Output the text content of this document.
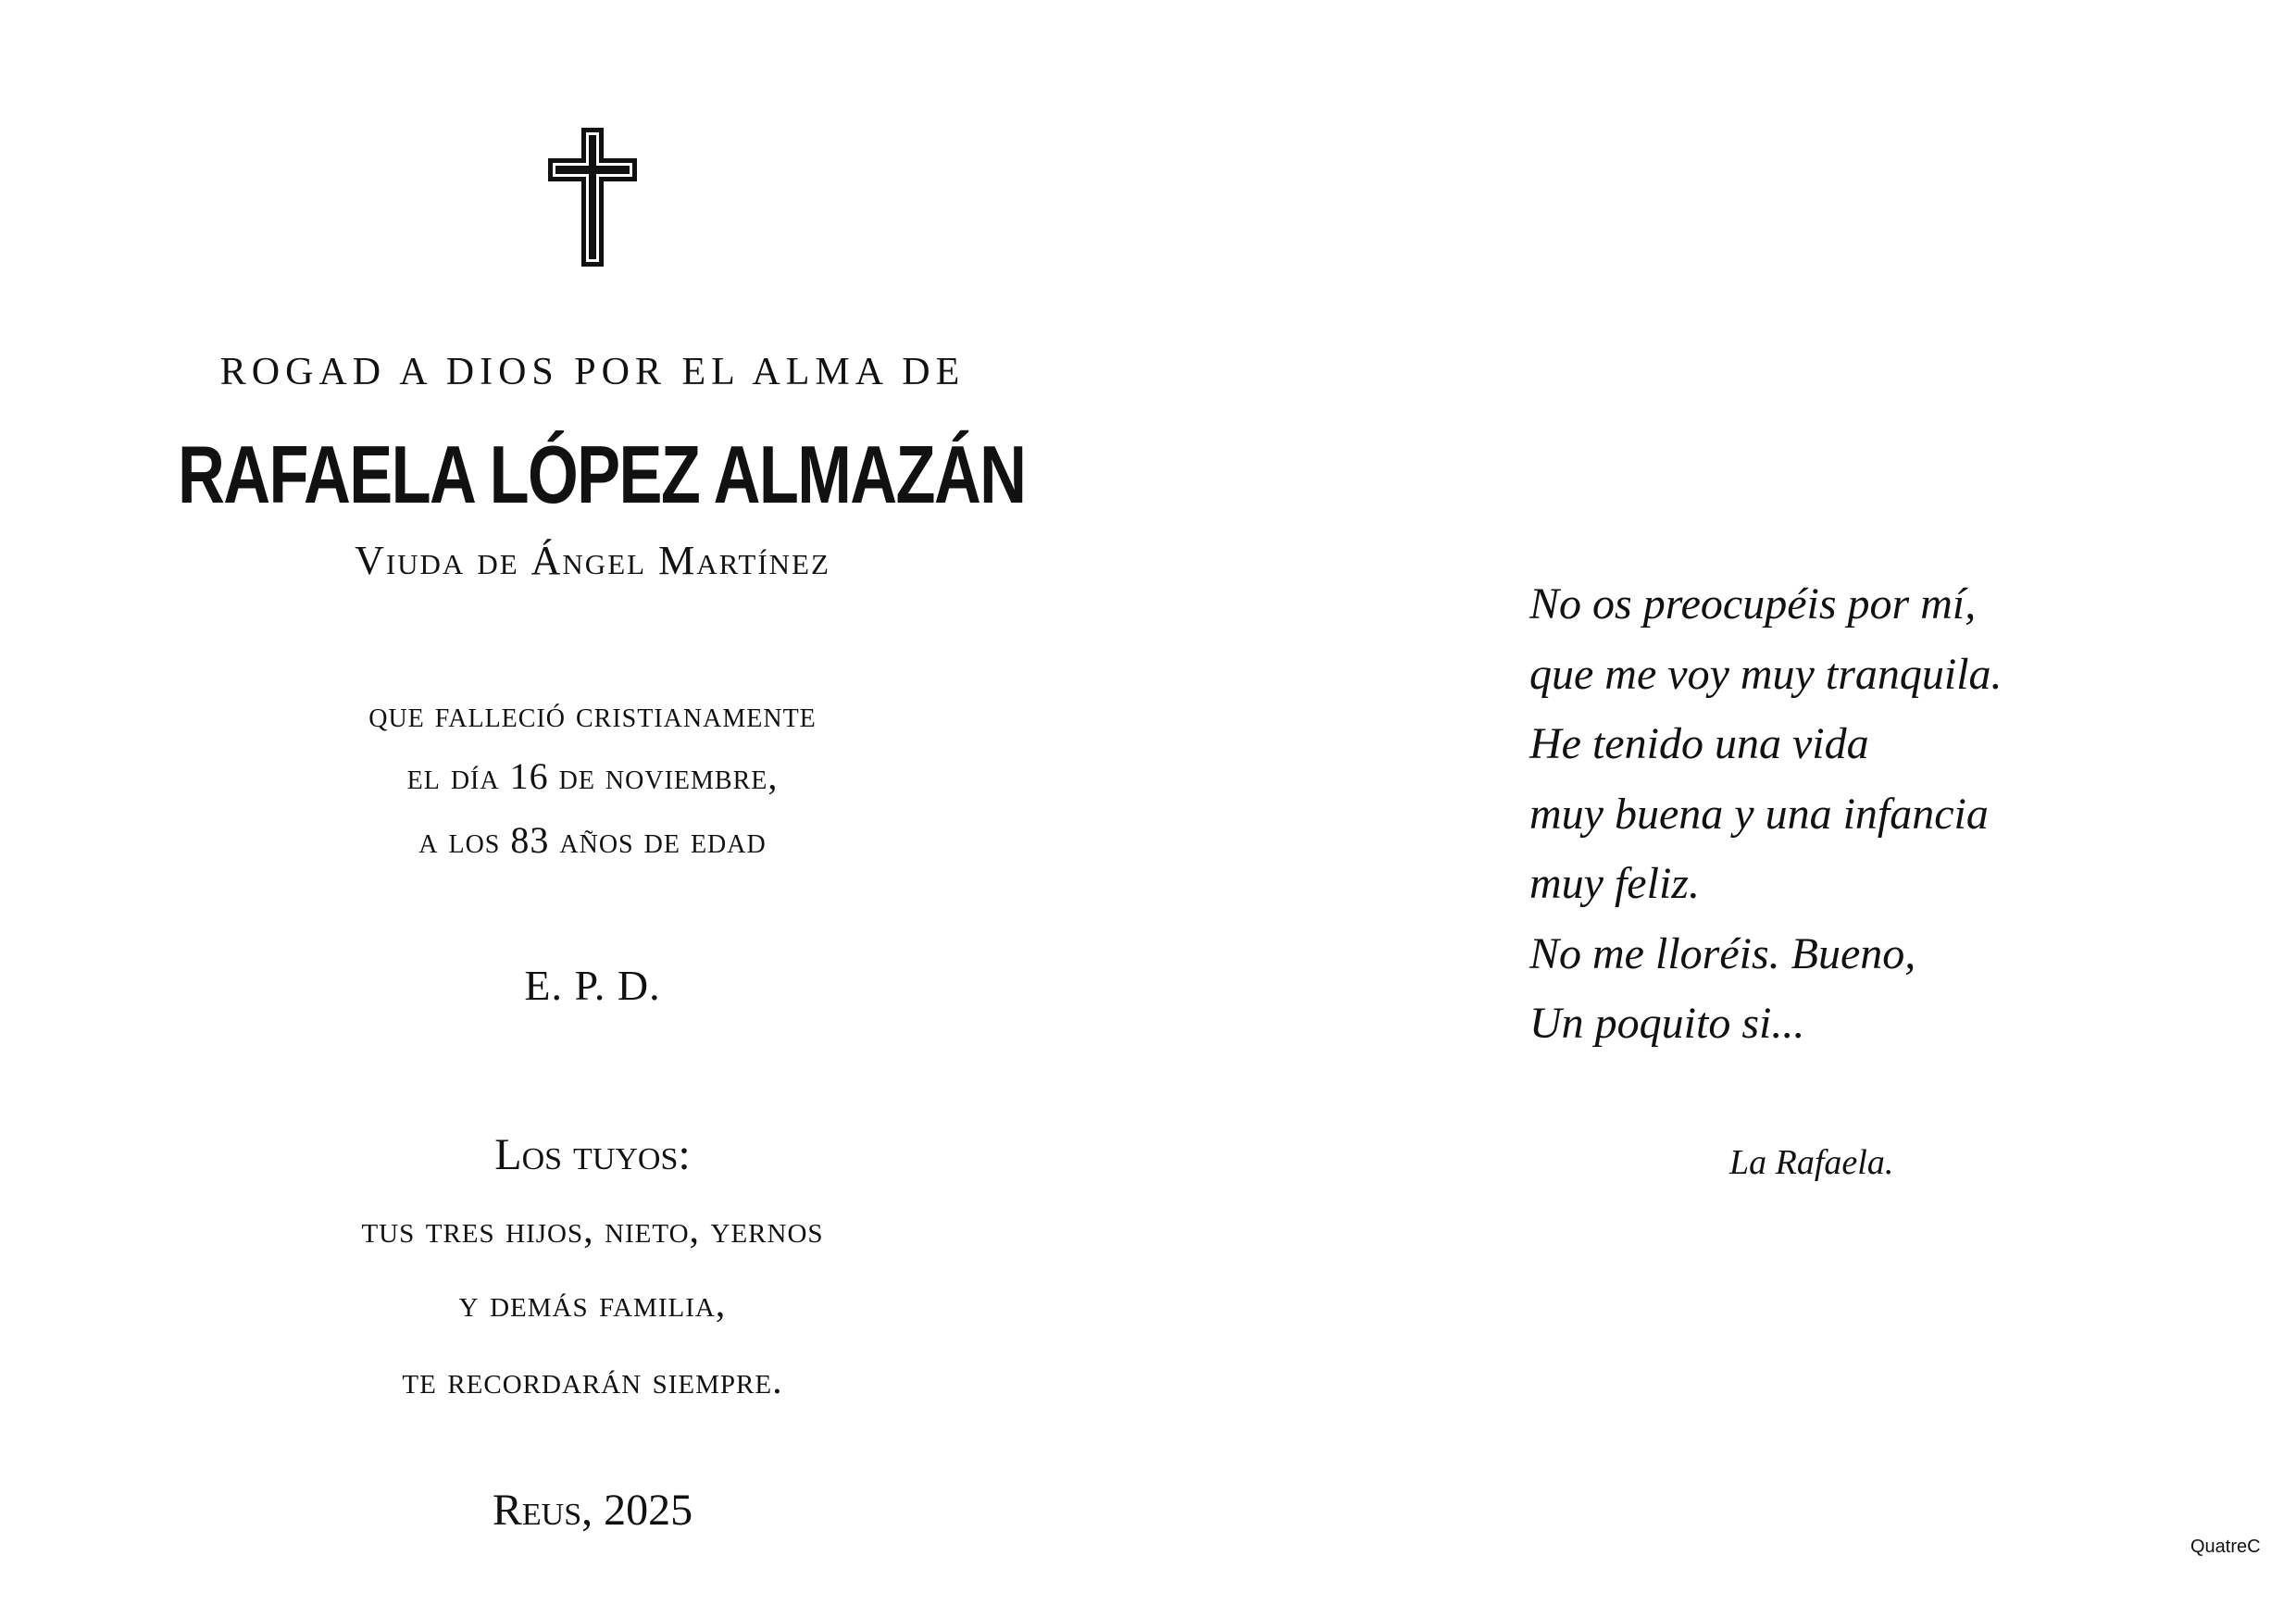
ROGAD A DIOS POR EL ALMA DE
RAFAELA LÓPEZ ALMAZÁN
Viuda de Ángel Martínez
que falleció cristianamente
el día 16 de noviembre,
a los 83 años de edad
E. P. D.
Los tuyos:
tus tres hijos, nieto, yernos
y demás familia,
te recordarán siempre.
Reus, 2025
No os preocupéis por mí,
que me voy muy tranquila.
He tenido una vida
muy buena y una infancia
muy feliz.
No me lloréis. Bueno,
Un poquito si...
La Rafaela.
QuatreC
